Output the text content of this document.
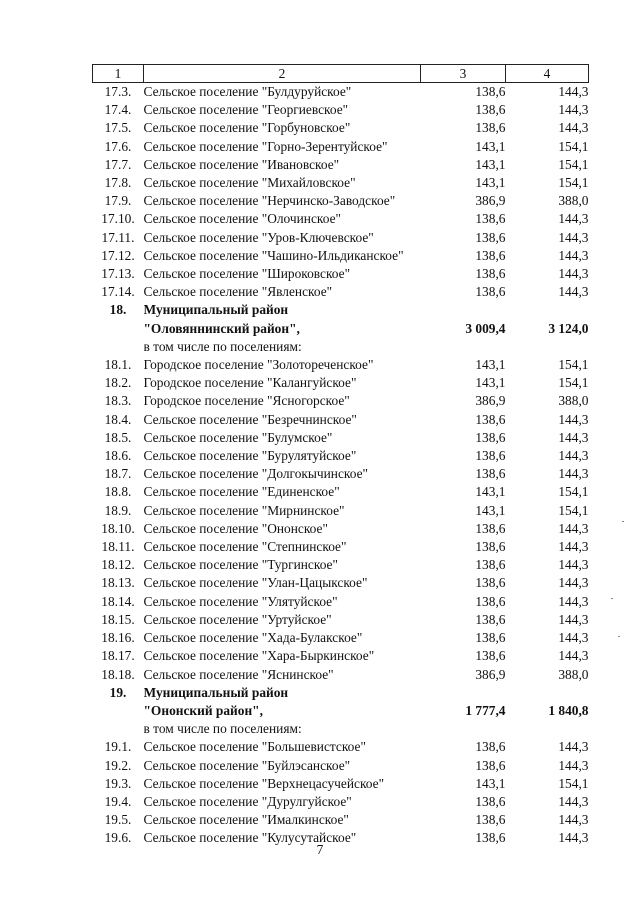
1	2	3	4
17.3.	Сельское поселение "Булдуруйское"	138,6	144,3
17.4.	Сельское поселение "Георгиевское"	138,6	144,3
17.5.	Сельское поселение "Горбуновское"	138,6	144,3
17.6.	Сельское поселение "Горно-Зерентуйское"	143,1	154,1
17.7.	Сельское поселение "Ивановское"	143,1	154,1
17.8.	Сельское поселение "Михайловское"	143,1	154,1
17.9.	Сельское поселение "Нерчинско-Заводское"	386,9	388,0
17.10.	Сельское поселение "Олочинское"	138,6	144,3
17.11.	Сельское поселение "Уров-Ключевское"	138,6	144,3
17.12.	Сельское поселение "Чашино-Ильдиканское"	138,6	144,3
17.13.	Сельское поселение "Широковское"	138,6	144,3
17.14.	Сельское поселение "Явленское"	138,6	144,3
18.	Муниципальный район		
	"Оловяннинский район",	3 009,4	3 124,0
	в том числе по поселениям:		
18.1.	Городское поселение "Золотореченское"	143,1	154,1
18.2.	Городское поселение "Калангуйское"	143,1	154,1
18.3.	Городское поселение "Ясногорское"	386,9	388,0
18.4.	Сельское поселение "Безречнинское"	138,6	144,3
18.5.	Сельское поселение "Булумское"	138,6	144,3
18.6.	Сельское поселение "Бурулятуйское"	138,6	144,3
18.7.	Сельское поселение "Долгокычинское"	138,6	144,3
18.8.	Сельское поселение "Единенское"	143,1	154,1
18.9.	Сельское поселение "Мирнинское"	143,1	154,1
18.10.	Сельское поселение "Ононское"	138,6	144,3
18.11.	Сельское поселение "Степнинское"	138,6	144,3
18.12.	Сельское поселение "Тургинское"	138,6	144,3
18.13.	Сельское поселение "Улан-Цацыкское"	138,6	144,3
18.14.	Сельское поселение "Улятуйское"	138,6	144,3
18.15.	Сельское поселение "Уртуйское"	138,6	144,3
18.16.	Сельское поселение "Хада-Булакское"	138,6	144,3
18.17.	Сельское поселение "Хара-Быркинское"	138,6	144,3
18.18.	Сельское поселение "Яснинское"	386,9	388,0
19.	Муниципальный район		
	"Ононский район",	1 777,4	1 840,8
	в том числе по поселениям:		
19.1.	Сельское поселение "Большевистское"	138,6	144,3
19.2.	Сельское поселение "Буйлэсанское"	138,6	144,3
19.3.	Сельское поселение "Верхнецасучейское"	143,1	154,1
19.4.	Сельское поселение "Дурулгуйское"	138,6	144,3
19.5.	Сельское поселение "Ималкинское"	138,6	144,3
19.6.	Сельское поселение "Кулусутайское"	138,6	144,3
7
